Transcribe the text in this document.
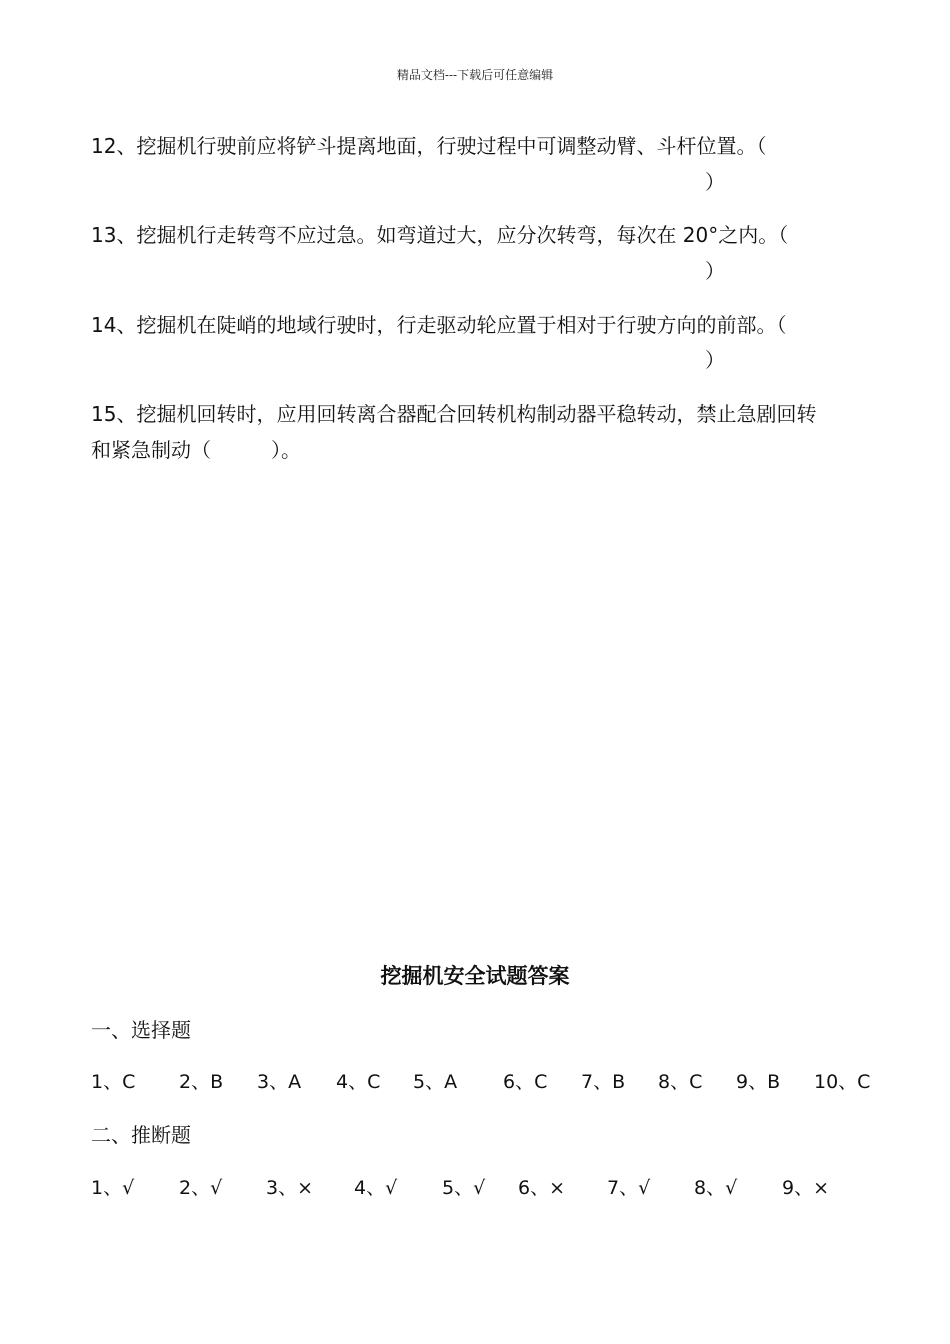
精品文档---下载后可任意编辑
12、挖掘机行驶前应将铲斗提离地面，行驶过程中可调整动臂、斗杆位置。（
）
13、挖掘机行走转弯不应过急。如弯道过大，应分次转弯，每次在 20°之内。（
）
14、挖掘机在陡峭的地域行驶时，行走驱动轮应置于相对于行驶方向的前部。（
）
15、挖掘机回转时，应用回转离合器配合回转机构制动器平稳转动，禁止急剧回转
和紧急制动（　　　）。
挖掘机安全试题答案
一、选择题
1、C 2、B 3、A 4、C 5、A 6、C 7、B 8、C 9、B 10、C
二、推断题
1、√ 2、√ 3、× 4、√ 5、√ 6、× 7、√ 8、√ 9、×
